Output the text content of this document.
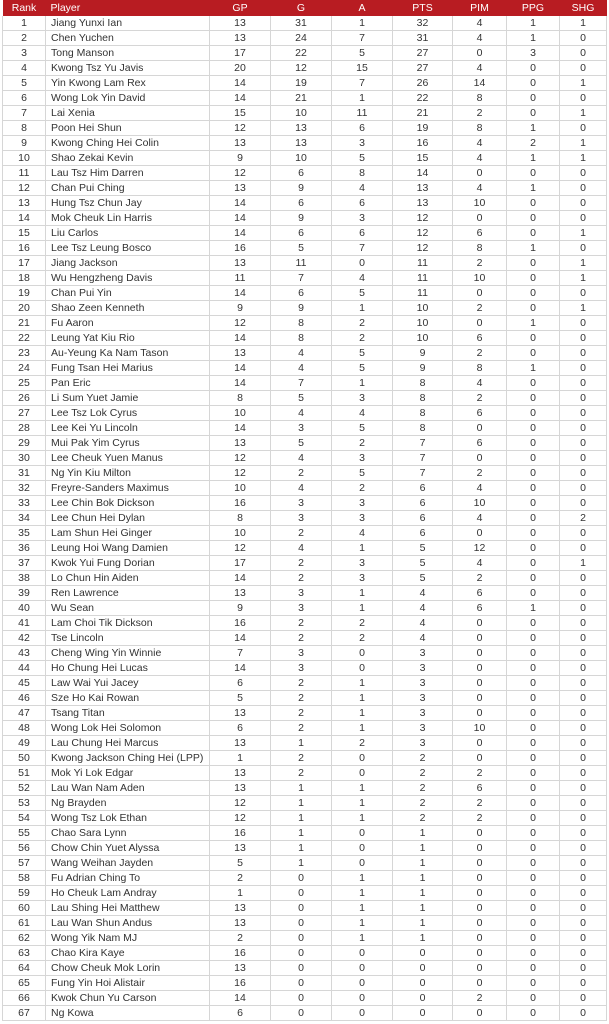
Rank	Player	GP	G	A	PTS	PIM	PPG	SHG
1	Jiang Yunxi Ian	13	31	1	32	4	1	1
2	Chen Yuchen	13	24	7	31	4	1	0
3	Tong Manson	17	22	5	27	0	3	0
4	Kwong Tsz Yu Javis	20	12	15	27	4	0	0
5	Yin Kwong Lam Rex	14	19	7	26	14	0	1
6	Wong Lok Yin David	14	21	1	22	8	0	0
7	Lai Xenia	15	10	11	21	2	0	1
8	Poon Hei Shun	12	13	6	19	8	1	0
9	Kwong Ching Hei Colin	13	13	3	16	4	2	1
10	Shao Zekai Kevin	9	10	5	15	4	1	1
11	Lau Tsz Him Darren	12	6	8	14	0	0	0
12	Chan Pui Ching	13	9	4	13	4	1	0
13	Hung Tsz Chun Jay	14	6	6	13	10	0	0
14	Mok Cheuk Lin Harris	14	9	3	12	0	0	0
15	Liu Carlos	14	6	6	12	6	0	1
16	Lee Tsz Leung Bosco	16	5	7	12	8	1	0
17	Jiang Jackson	13	11	0	11	2	0	1
18	Wu Hengzheng Davis	11	7	4	11	10	0	1
19	Chan Pui Yin	14	6	5	11	0	0	0
20	Shao Zeen Kenneth	9	9	1	10	2	0	1
21	Fu Aaron	12	8	2	10	0	1	0
22	Leung Yat Kiu Rio	14	8	2	10	6	0	0
23	Au-Yeung Ka Nam Tason	13	4	5	9	2	0	0
24	Fung Tsan Hei Marius	14	4	5	9	8	1	0
25	Pan Eric	14	7	1	8	4	0	0
26	Li Sum Yuet Jamie	8	5	3	8	2	0	0
27	Lee Tsz Lok Cyrus	10	4	4	8	6	0	0
28	Lee Kei Yu Lincoln	14	3	5	8	0	0	0
29	Mui Pak Yim Cyrus	13	5	2	7	6	0	0
30	Lee Cheuk Yuen Manus	12	4	3	7	0	0	0
31	Ng Yin Kiu Milton	12	2	5	7	2	0	0
32	Freyre-Sanders Maximus	10	4	2	6	4	0	0
33	Lee Chin Bok Dickson	16	3	3	6	10	0	0
34	Lee Chun Hei Dylan	8	3	3	6	4	0	2
35	Lam Shun Hei Ginger	10	2	4	6	0	0	0
36	Leung Hoi Wang Damien	12	4	1	5	12	0	0
37	Kwok Yui Fung Dorian	17	2	3	5	4	0	1
38	Lo Chun Hin Aiden	14	2	3	5	2	0	0
39	Ren Lawrence	13	3	1	4	6	0	0
40	Wu Sean	9	3	1	4	6	1	0
41	Lam Choi Tik Dickson	16	2	2	4	0	0	0
42	Tse Lincoln	14	2	2	4	0	0	0
43	Cheng Wing Yin Winnie	7	3	0	3	0	0	0
44	Ho Chung Hei Lucas	14	3	0	3	0	0	0
45	Law Wai Yui Jacey	6	2	1	3	0	0	0
46	Sze Ho Kai Rowan	5	2	1	3	0	0	0
47	Tsang Titan	13	2	1	3	0	0	0
48	Wong Lok Hei Solomon	6	2	1	3	10	0	0
49	Lau Chung Hei Marcus	13	1	2	3	0	0	0
50	Kwong Jackson Ching Hei (LPP)	1	2	0	2	0	0	0
51	Mok Yi Lok Edgar	13	2	0	2	2	0	0
52	Lau Wan Nam Aden	13	1	1	2	6	0	0
53	Ng Brayden	12	1	1	2	2	0	0
54	Wong Tsz Lok Ethan	12	1	1	2	2	0	0
55	Chao Sara Lynn	16	1	0	1	0	0	0
56	Chow Chin Yuet Alyssa	13	1	0	1	0	0	0
57	Wang Weihan Jayden	5	1	0	1	0	0	0
58	Fu Adrian Ching To	2	0	1	1	0	0	0
59	Ho Cheuk Lam Andray	1	0	1	1	0	0	0
60	Lau Shing Hei Matthew	13	0	1	1	0	0	0
61	Lau Wan Shun Andus	13	0	1	1	0	0	0
62	Wong Yik Nam MJ	2	0	1	1	0	0	0
63	Chao Kira Kaye	16	0	0	0	0	0	0
64	Chow Cheuk Mok Lorin	13	0	0	0	0	0	0
65	Fung Yin Hoi Alistair	16	0	0	0	0	0	0
66	Kwok Chun Yu Carson	14	0	0	0	2	0	0
67	Ng Kowa	6	0	0	0	0	0	0
